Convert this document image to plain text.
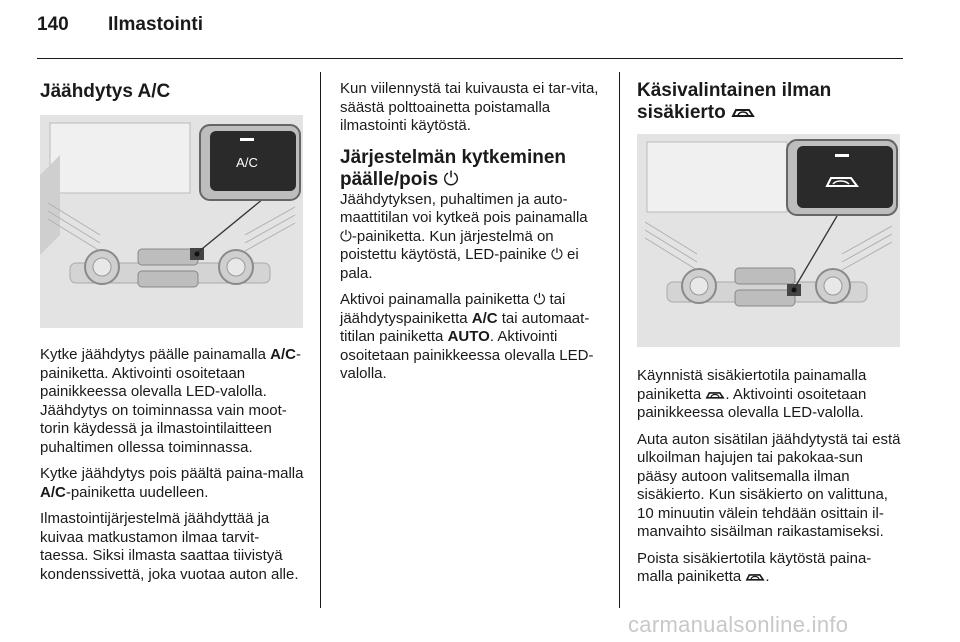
140 Ilmastointi
Jäähdytys A/C
A/C

Kytke jäähdytys päälle painamalla A/C-painiketta. Aktivointi osoitetaan painikkeessa olevalla LED-valolla. Jäähdytys on toiminnassa vain moot-torin käydessä ja ilmastointilaitteen puhaltimen ollessa toiminnassa.

Kytke jäähdytys pois päältä paina-malla A/C-painiketta uudelleen.

Ilmastointijärjestelmä jäähdyttää ja kuivaa matkustamon ilmaa tarvit-taessa. Siksi ilmasta saattaa tiivistyä kondenssivettä, joka vuotaa auton alle.

Kun viilennystä tai kuivausta ei tar-vita, säästä polttoainetta poistamalla ilmastointi käytöstä.

Järjestelmän kytkeminen päälle/pois ⏻

Jäähdytyksen, puhaltimen ja auto-maattitilan voi kytkeä pois painamalla ⏻-painiketta. Kun järjestelmä on poistettu käytöstä, LED-painike ⏻ ei pala.

Aktivoi painamalla painiketta ⏻ tai jäähdytyspainiketta A/C tai automaat-titilan painiketta AUTO. Aktivointi osoitetaan painikkeessa olevalla LED-valolla.

Käsivalintainen ilman sisäkierto

Käynnistä sisäkiertotila painamalla painiketta . Aktivointi osoitetaan painikkeessa olevalla LED-valolla.

Auta auton sisätilan jäähdytystä tai estä ulkoilman hajujen tai pakokaa-sun pääsy autoon valitsemalla ilman sisäkierto. Kun sisäkierto on valittuna, 10 minuutin välein tehdään osittain il-manvaihto sisäilman raikastamiseksi.

Poista sisäkiertotila käytöstä paina-malla painiketta .

carmanualsonline.info
